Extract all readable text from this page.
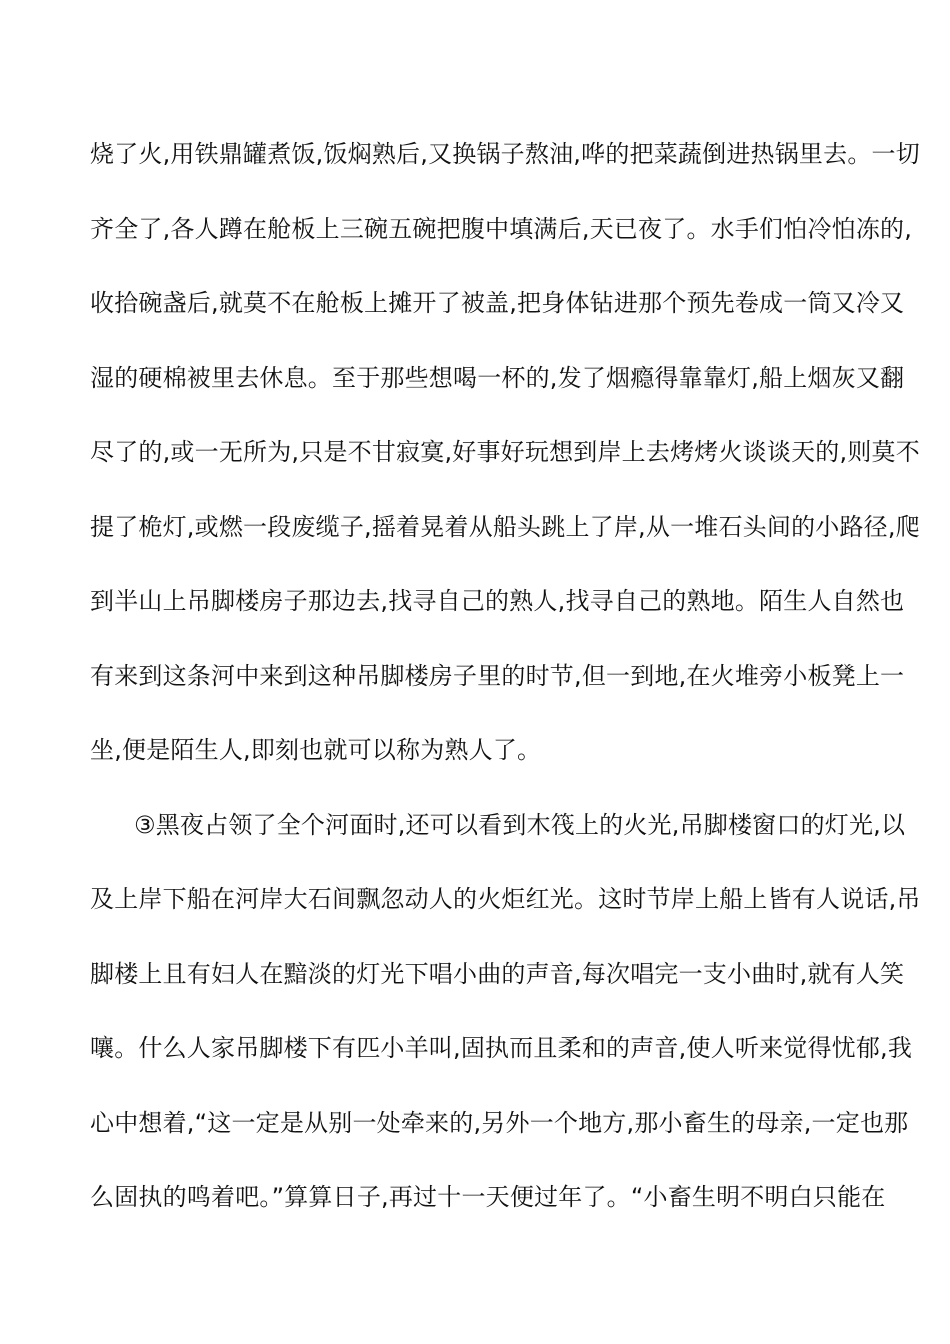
烧了火,用铁鼎罐煮饭,饭焖熟后,又换锅子熬油,哗的把菜蔬倒进热锅里去。一切
齐全了,各人蹲在舱板上三碗五碗把腹中填满后,天已夜了。水手们怕冷怕冻的,
收拾碗盏后,就莫不在舱板上摊开了被盖,把身体钻进那个预先卷成一筒又冷又
湿的硬棉被里去休息。至于那些想喝一杯的,发了烟瘾得靠靠灯,船上烟灰又翻
尽了的,或一无所为,只是不甘寂寞,好事好玩想到岸上去烤烤火谈谈天的,则莫不
提了桅灯,或燃一段废缆子,摇着晃着从船头跳上了岸,从一堆石头间的小路径,爬
到半山上吊脚楼房子那边去,找寻自己的熟人,找寻自己的熟地。陌生人自然也
有来到这条河中来到这种吊脚楼房子里的时节,但一到地,在火堆旁小板凳上一
坐,便是陌生人,即刻也就可以称为熟人了。
③黑夜占领了全个河面时,还可以看到木筏上的火光,吊脚楼窗口的灯光,以
及上岸下船在河岸大石间飘忽动人的火炬红光。这时节岸上船上皆有人说话,吊
脚楼上且有妇人在黯淡的灯光下唱小曲的声音,每次唱完一支小曲时,就有人笑
嚷。什么人家吊脚楼下有匹小羊叫,固执而且柔和的声音,使人听来觉得忧郁,我
心中想着,“这一定是从别一处牵来的,另外一个地方,那小畜生的母亲,一定也那
么固执的鸣着吧。”算算日子,再过十一天便过年了。“小畜生明不明白只能在
